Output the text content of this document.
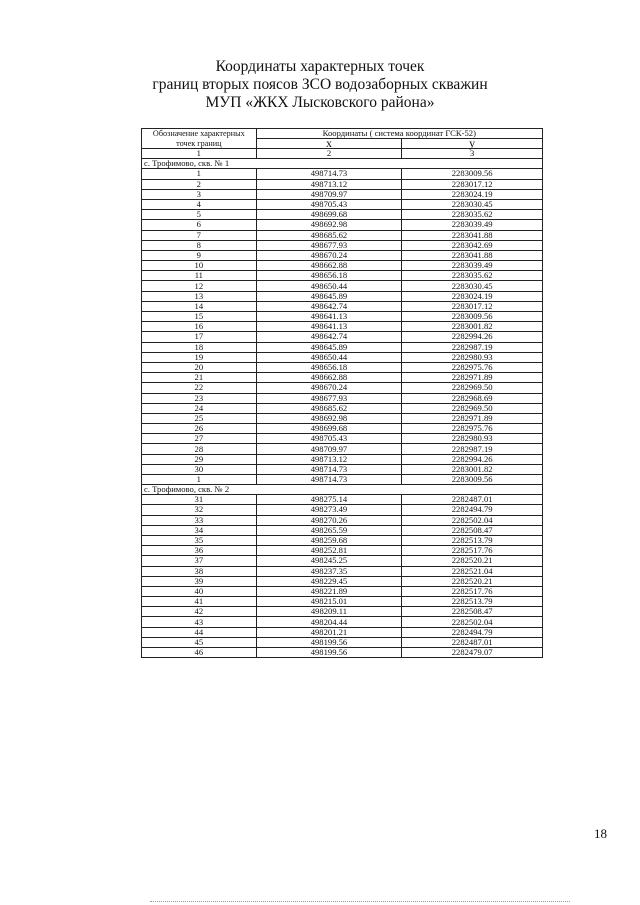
Координаты характерных точек
границ вторых поясов ЗСО водозаборных скважин
МУП «ЖКХ Лысковского района»
Обозначение характерных точек границ	Координаты ( система координат ГСК-52)	
	х	у
1	2	3
с. Трофимово, скв. № 1		
1	498714.73	2283009.56
2	498713.12	2283017.12
3	498709.97	2283024.19
4	498705.43	2283030.45
5	498699.68	2283035.62
6	498692.98	2283039.49
7	498685.62	2283041.88
8	498677.93	2283042.69
9	498670.24	2283041.88
10	498662.88	2283039.49
11	498656.18	2283035.62
12	498650.44	2283030.45
13	498645.89	2283024.19
14	498642.74	2283017.12
15	498641.13	2283009.56
16	498641.13	2283001.82
17	498642.74	2282994.26
18	498645.89	2282987.19
19	498650.44	2282980.93
20	498656.18	2282975.76
21	498662.88	2282971.89
22	498670.24	2282969.50
23	498677.93	2282968.69
24	498685.62	2282969.50
25	498692.98	2282971.89
26	498699.68	2282975.76
27	498705.43	2282980.93
28	498709.97	2282987.19
29	498713.12	2282994.26
30	498714.73	2283001.82
1	498714.73	2283009.56
с. Трофимово, скв. № 2		
31	498275.14	2282487.01
32	498273.49	2282494.79
33	498270.26	2282502.04
34	498265.59	2282508.47
35	498259.68	2282513.79
36	498252.81	2282517.76
37	498245.25	2282520.21
38	498237.35	2282521.04
39	498229.45	2282520.21
40	498221.89	2282517.76
41	498215.01	2282513.79
42	498209.11	2282508.47
43	498204.44	2282502.04
44	498201.21	2282494.79
45	498199.56	2282487.01
46	498199.56	2282479.07
18
